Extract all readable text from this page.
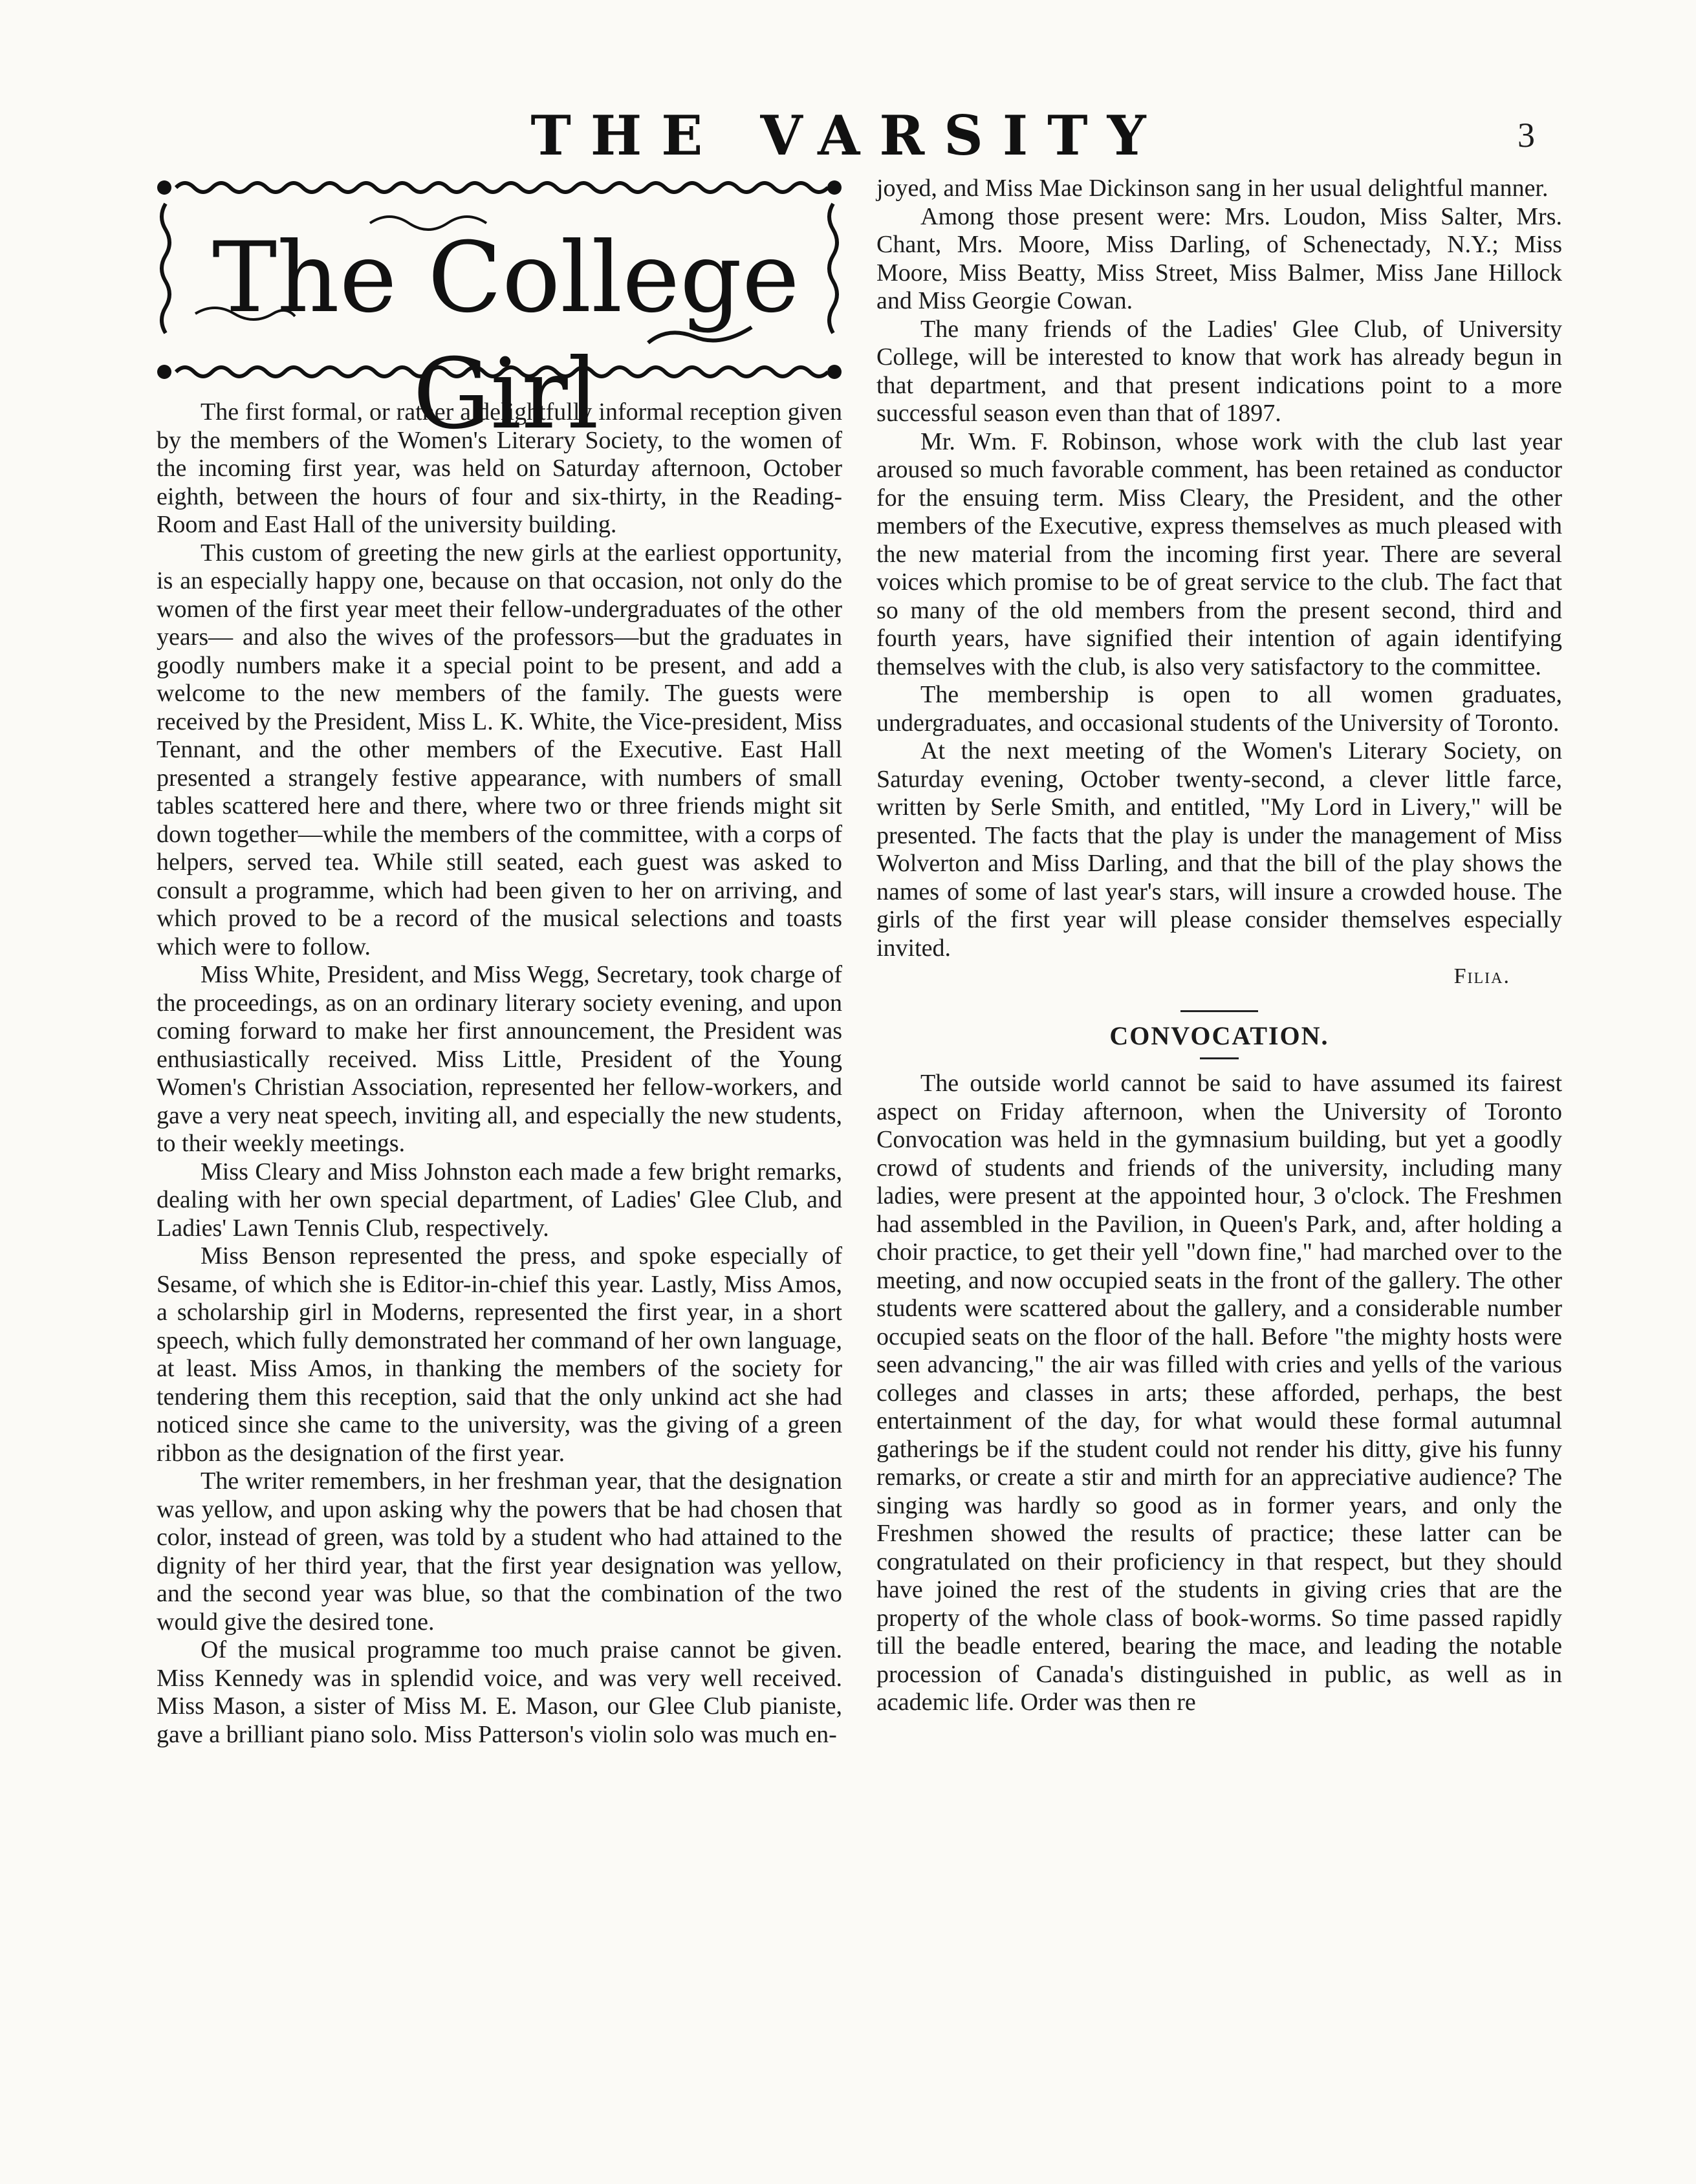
THE VARSITY	3
The College Girl

The first formal, or rather a delightfully informal reception given by the members of the Women's Literary Society, to the women of the incoming first year, was held on Saturday afternoon, October eighth, between the hours of four and six-thirty, in the Reading-Room and East Hall of the university building.

This custom of greeting the new girls at the earliest opportunity, is an especially happy one, because on that occasion, not only do the women of the first year meet their fellow-undergraduates of the other years— and also the wives of the professors—but the graduates in goodly numbers make it a special point to be present, and add a welcome to the new members of the family. The guests were received by the President, Miss L. K. White, the Vice-president, Miss Tennant, and the other members of the Executive. East Hall presented a strangely festive appearance, with numbers of small tables scattered here and there, where two or three friends might sit down together—while the members of the committee, with a corps of helpers, served tea. While still seated, each guest was asked to consult a programme, which had been given to her on arriving, and which proved to be a record of the musical selections and toasts which were to follow.

Miss White, President, and Miss Wegg, Secretary, took charge of the proceedings, as on an ordinary literary society evening, and upon coming forward to make her first announcement, the President was enthusiastically received. Miss Little, President of the Young Women's Christian Association, represented her fellow-workers, and gave a very neat speech, inviting all, and especially the new students, to their weekly meetings.

Miss Cleary and Miss Johnston each made a few bright remarks, dealing with her own special department, of Ladies' Glee Club, and Ladies' Lawn Tennis Club, respectively.

Miss Benson represented the press, and spoke especially of Sesame, of which she is Editor-in-chief this year. Lastly, Miss Amos, a scholarship girl in Moderns, represented the first year, in a short speech, which fully demonstrated her command of her own language, at least. Miss Amos, in thanking the members of the society for tendering them this reception, said that the only unkind act she had noticed since she came to the university, was the giving of a green ribbon as the designation of the first year.

The writer remembers, in her freshman year, that the designation was yellow, and upon asking why the powers that be had chosen that color, instead of green, was told by a student who had attained to the dignity of her third year, that the first year designation was yellow, and the second year was blue, so that the combination of the two would give the desired tone.

Of the musical programme too much praise cannot be given. Miss Kennedy was in splendid voice, and was very well received. Miss Mason, a sister of Miss M. E. Mason, our Glee Club pianiste, gave a brilliant piano solo. Miss Patterson's violin solo was much en-

joyed, and Miss Mae Dickinson sang in her usual delightful manner.

Among those present were: Mrs. Loudon, Miss Salter, Mrs. Chant, Mrs. Moore, Miss Darling, of Schenectady, N.Y.; Miss Moore, Miss Beatty, Miss Street, Miss Balmer, Miss Jane Hillock and Miss Georgie Cowan.

The many friends of the Ladies' Glee Club, of University College, will be interested to know that work has already begun in that department, and that present indications point to a more successful season even than that of 1897.

Mr. Wm. F. Robinson, whose work with the club last year aroused so much favorable comment, has been retained as conductor for the ensuing term. Miss Cleary, the President, and the other members of the Executive, express themselves as much pleased with the new material from the incoming first year. There are several voices which promise to be of great service to the club. The fact that so many of the old members from the present second, third and fourth years, have signified their intention of again identifying themselves with the club, is also very satisfactory to the committee.

The membership is open to all women graduates, undergraduates, and occasional students of the University of Toronto.

At the next meeting of the Women's Literary Society, on Saturday evening, October twenty-second, a clever little farce, written by Serle Smith, and entitled, "My Lord in Livery," will be presented. The facts that the play is under the management of Miss Wolverton and Miss Darling, and that the bill of the play shows the names of some of last year's stars, will insure a crowded house. The girls of the first year will please consider themselves especially invited.

Filia.
CONVOCATION.

The outside world cannot be said to have assumed its fairest aspect on Friday afternoon, when the University of Toronto Convocation was held in the gymnasium building, but yet a goodly crowd of students and friends of the university, including many ladies, were present at the appointed hour, 3 o'clock. The Freshmen had assembled in the Pavilion, in Queen's Park, and, after holding a choir practice, to get their yell "down fine," had marched over to the meeting, and now occupied seats in the front of the gallery. The other students were scattered about the gallery, and a considerable number occupied seats on the floor of the hall. Before "the mighty hosts were seen advancing," the air was filled with cries and yells of the various colleges and classes in arts; these afforded, perhaps, the best entertainment of the day, for what would these formal autumnal gatherings be if the student could not render his ditty, give his funny remarks, or create a stir and mirth for an appreciative audience? The singing was hardly so good as in former years, and only the Freshmen showed the results of practice; these latter can be congratulated on their proficiency in that respect, but they should have joined the rest of the students in giving cries that are the property of the whole class of book-worms. So time passed rapidly till the beadle entered, bearing the mace, and leading the notable procession of Canada's distinguished in public, as well as in academic life. Order was then re
